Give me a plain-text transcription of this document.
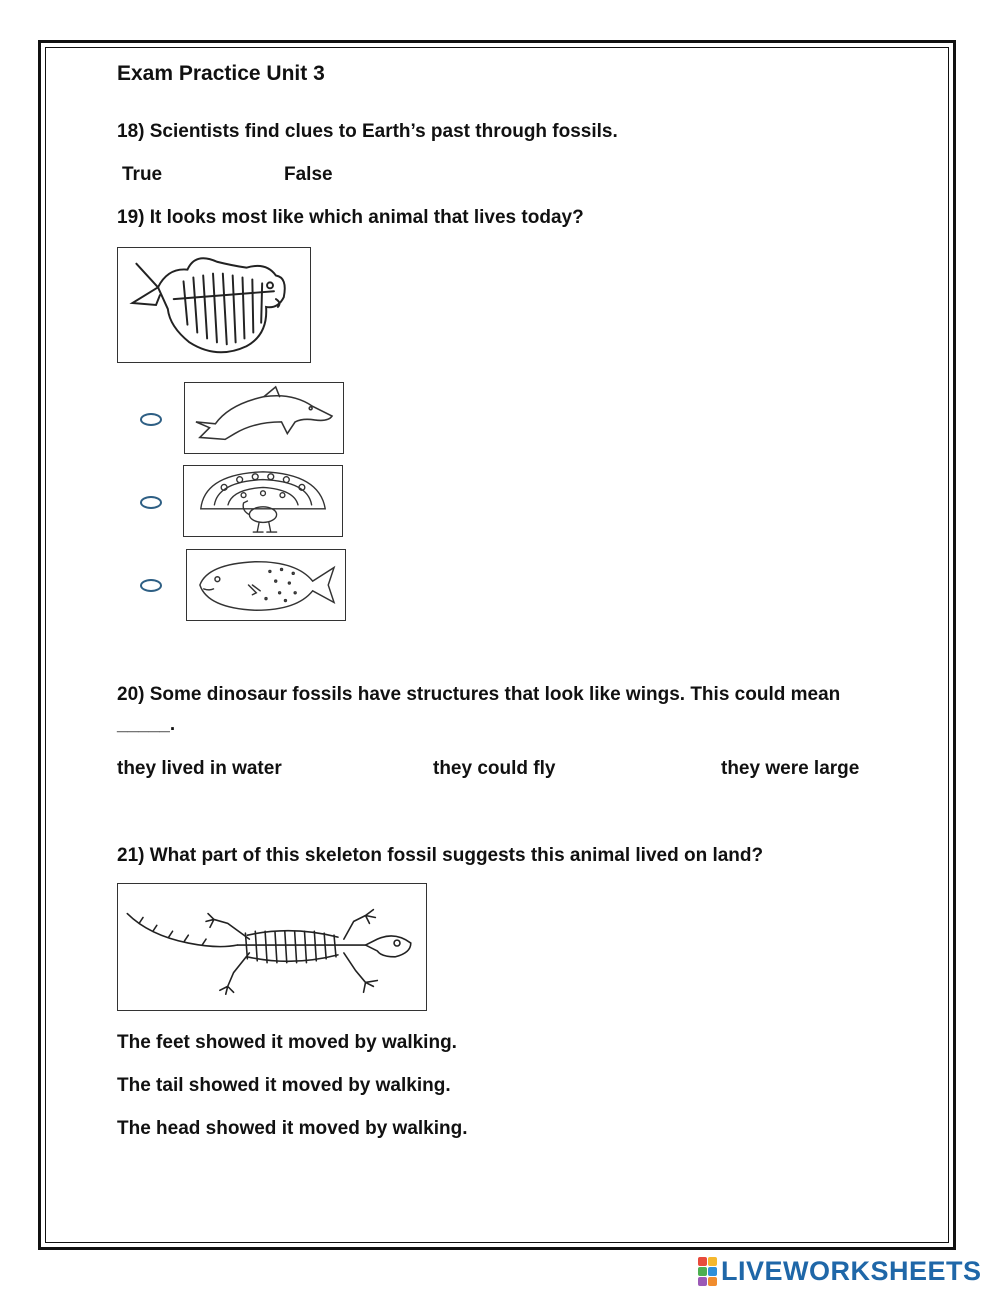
Exam Practice Unit 3
18) Scientists find clues to Earth’s past through fossils.
True	False
19) It looks most like which animal that lives today?
20) Some dinosaur fossils have structures that look like wings. This could mean
_____.
they lived in water	they could fly	they were large
21) What part of this skeleton fossil suggests this animal lived on land?
The feet showed it moved by walking.
The tail showed it moved by walking.
The head showed it moved by walking.
LIVEWORKSHEETS
